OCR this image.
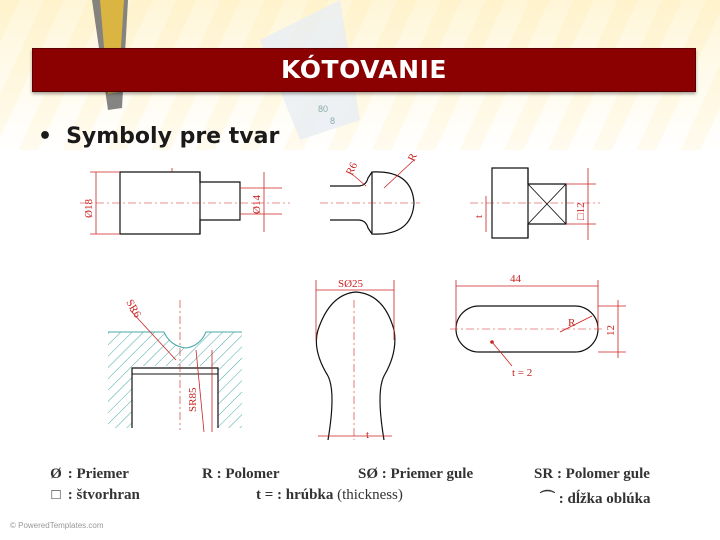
80
8
KÓTOVANIE
• Symboly pre tvar
Ø18	Ø14
R6
R
t	□12
SR6
SR85
SØ25
t
44
R
12
t = 2
Ø : Priemer	R : Polomer	SØ : Priemer gule	SR : Polomer gule
□ : štvorhran	t = : hrúbka (thickness)	⌒ : dĺžka oblúka
© PoweredTemplates.com
